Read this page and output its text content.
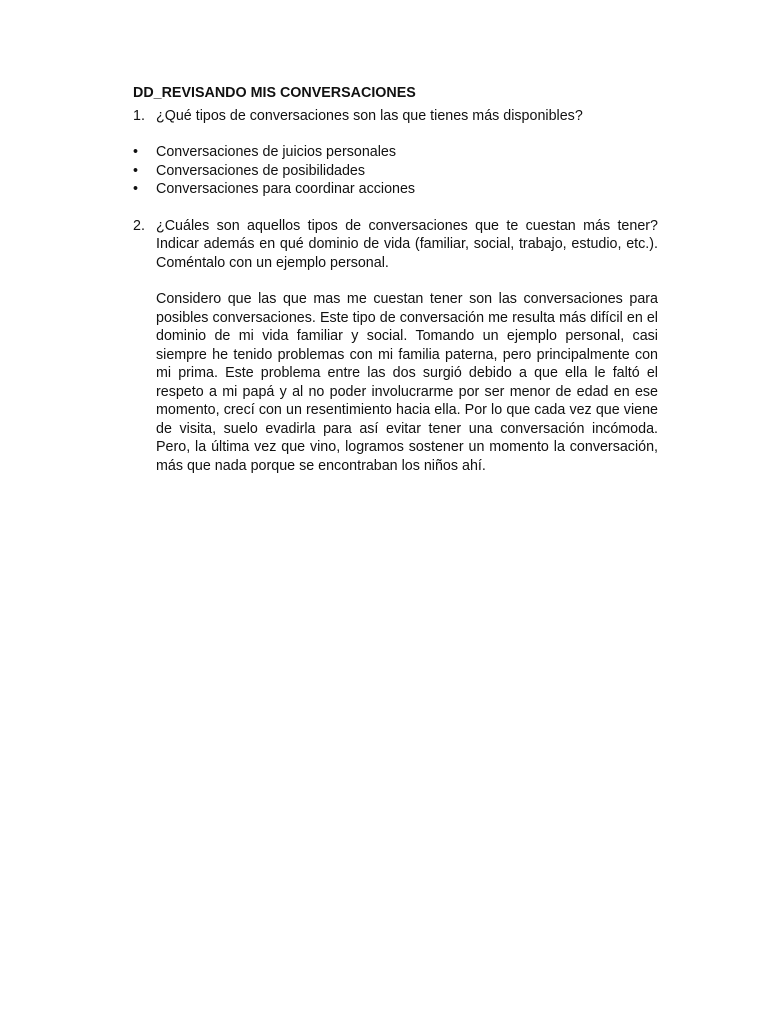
DD_REVISANDO MIS CONVERSACIONES
1. ¿Qué tipos de conversaciones son las que tienes más disponibles?
• Conversaciones de juicios personales
• Conversaciones de posibilidades
• Conversaciones para coordinar acciones
2. ¿Cuáles son aquellos tipos de conversaciones que te cuestan más tener? Indicar además en qué dominio de vida (familiar, social, trabajo, estudio, etc.). Coméntalo con un ejemplo personal.
Considero que las que mas me cuestan tener son las conversaciones para posibles conversaciones. Este tipo de conversación me resulta más difícil en el dominio de mi vida familiar y social. Tomando un ejemplo personal, casi siempre he tenido problemas con mi familia paterna, pero principalmente con mi prima. Este problema entre las dos surgió debido a que ella le faltó el respeto a mi papá y al no poder involucrarme por ser menor de edad en ese momento, crecí con un resentimiento hacia ella. Por lo que cada vez que viene de visita, suelo evadirla para así evitar tener una conversación incómoda. Pero, la última vez que vino, logramos sostener un momento la conversación, más que nada porque se encontraban los niños ahí.
